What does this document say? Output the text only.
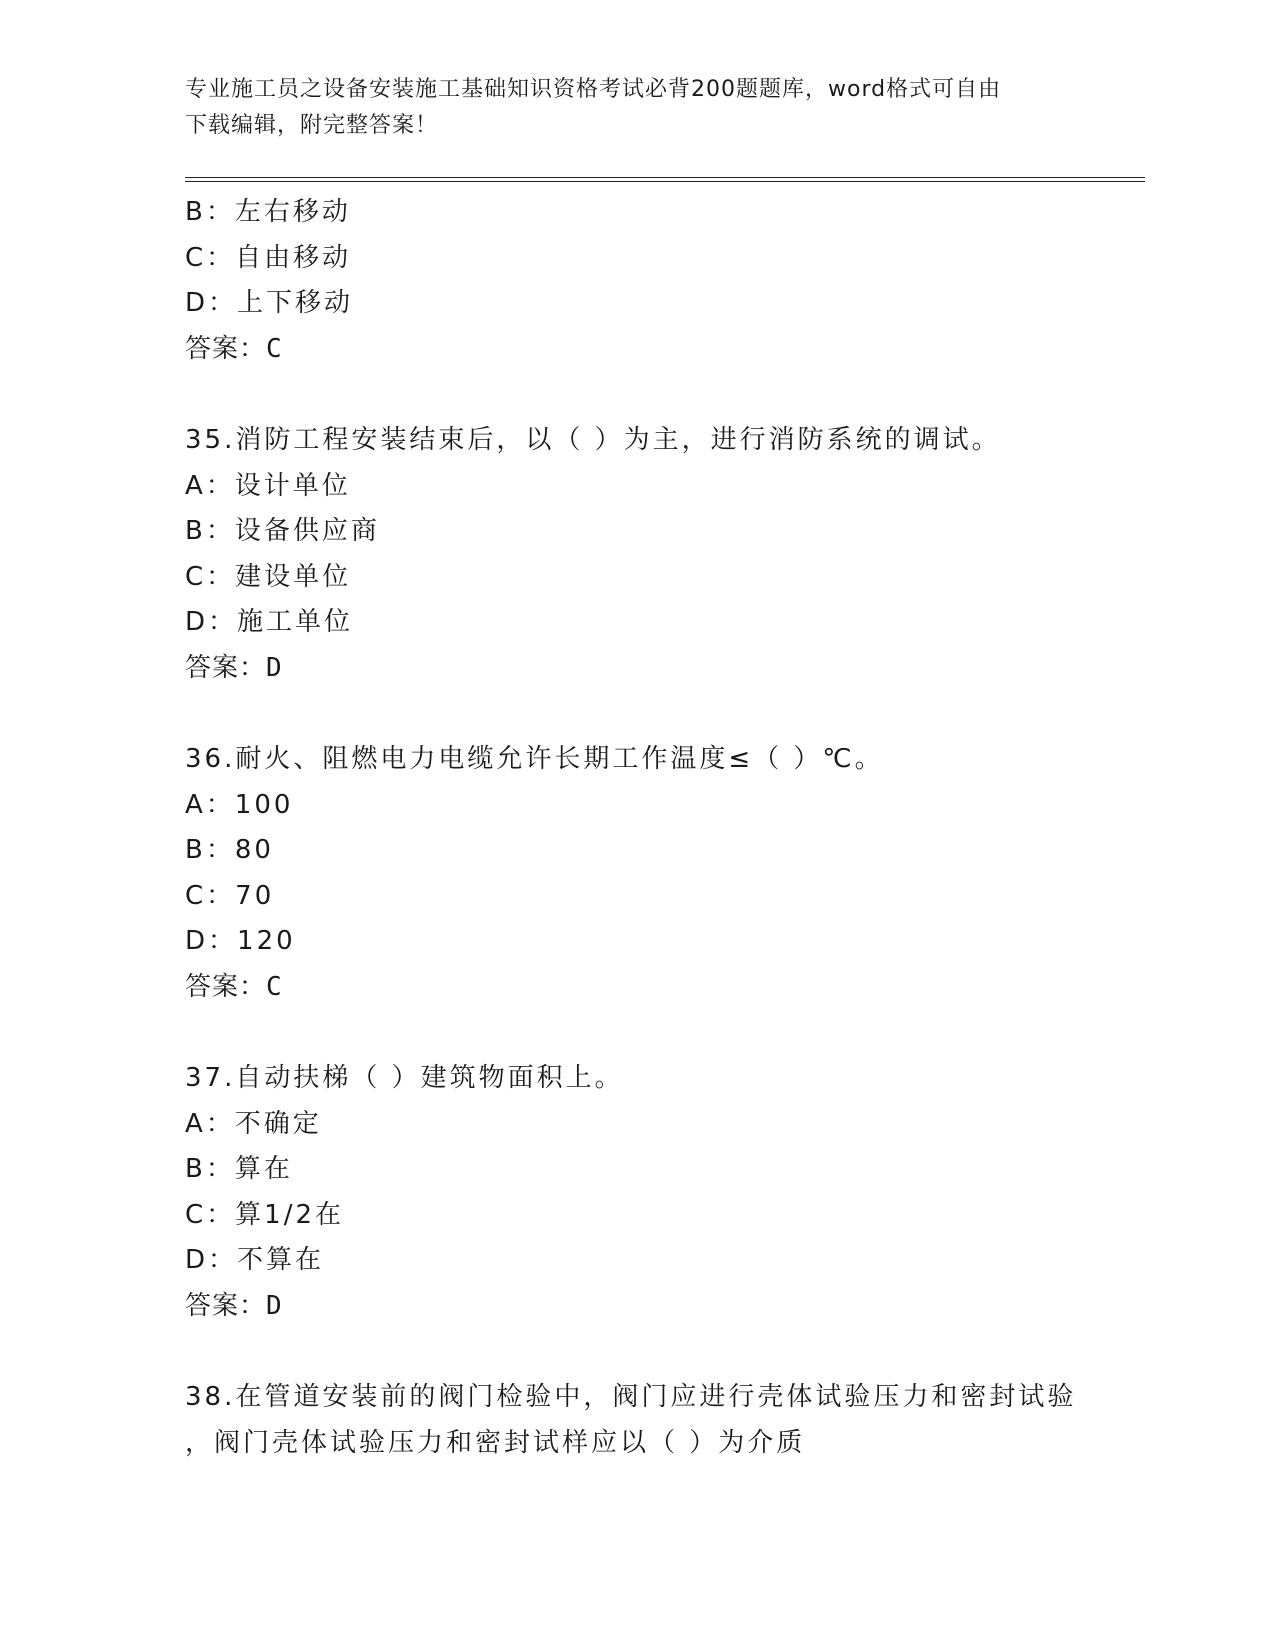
专业施工员之设备安装施工基础知识资格考试必背200题题库，word格式可自由
下载编辑，附完整答案！
B：左右移动
C：自由移动
D：上下移动
答案：C
35.消防工程安装结束后，以（ ）为主，进行消防系统的调试。
A：设计单位
B：设备供应商
C：建设单位
D：施工单位
答案：D
36.耐火、阻燃电力电缆允许长期工作温度≤（ ）℃。
A：100
B：80
C：70
D：120
答案：C
37.自动扶梯（ ）建筑物面积上。
A：不确定
B：算在
C：算1/2在
D：不算在
答案：D
38.在管道安装前的阀门检验中，阀门应进行壳体试验压力和密封试验
，阀门壳体试验压力和密封试样应以（ ）为介质
